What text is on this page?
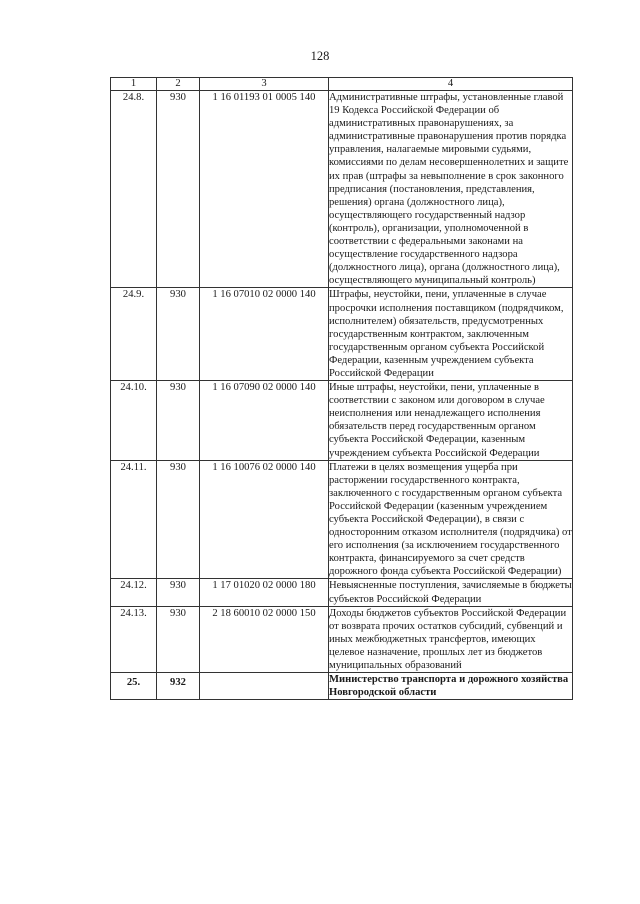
128
1	2	3	4
24.8.	930	1 16 01193 01 0005 140	Административные штрафы, установленные главой 19 Кодекса Российской Федерации об административных правонарушениях, за административные правонарушения против порядка управления, налагаемые мировыми судьями, комиссиями по делам несовершеннолетних и защите их прав (штрафы за невыполнение в срок законного предписания (постановления, представления, решения) органа (должностного лица), осуществляющего государственный надзор (контроль), организации, уполномоченной в соответствии с федеральными законами на осуществление государственного надзора (должностного лица), органа (должностного лица), осуществляющего муниципальный контроль)
24.9.	930	1 16 07010 02 0000 140	Штрафы, неустойки, пени, уплаченные в случае просрочки исполнения поставщиком (подрядчиком, исполнителем) обязательств, предусмотренных государственным контрактом, заключенным государственным органом субъекта Российской Федерации, казенным учреждением субъекта Российской Федерации
24.10.	930	1 16 07090 02 0000 140	Иные штрафы, неустойки, пени, уплаченные в соответствии с законом или договором в случае неисполнения или ненадлежащего исполнения обязательств перед государственным органом субъекта Российской Федерации, казенным учреждением субъекта Российской Федерации
24.11.	930	1 16 10076 02 0000 140	Платежи в целях возмещения ущерба при расторжении государственного контракта, заключенного с государственным органом субъекта Российской Федерации (казенным учреждением субъекта Российской Федерации), в связи с односторонним отказом исполнителя (подрядчика) от его исполнения (за исключением государственного контракта, финансируемого за счет средств дорожного фонда субъекта Российской Федерации)
24.12.	930	1 17 01020 02 0000 180	Невыясненные поступления, зачисляемые в бюджеты субъектов Российской Федерации
24.13.	930	2 18 60010 02 0000 150	Доходы бюджетов субъектов Российской Федерации от возврата прочих остатков субсидий, субвенций и иных межбюджетных трансфертов, имеющих целевое назначение, прошлых лет из бюджетов муниципальных образований
25.	932		Министерство транспорта и дорожного хозяйства Новгородской области
